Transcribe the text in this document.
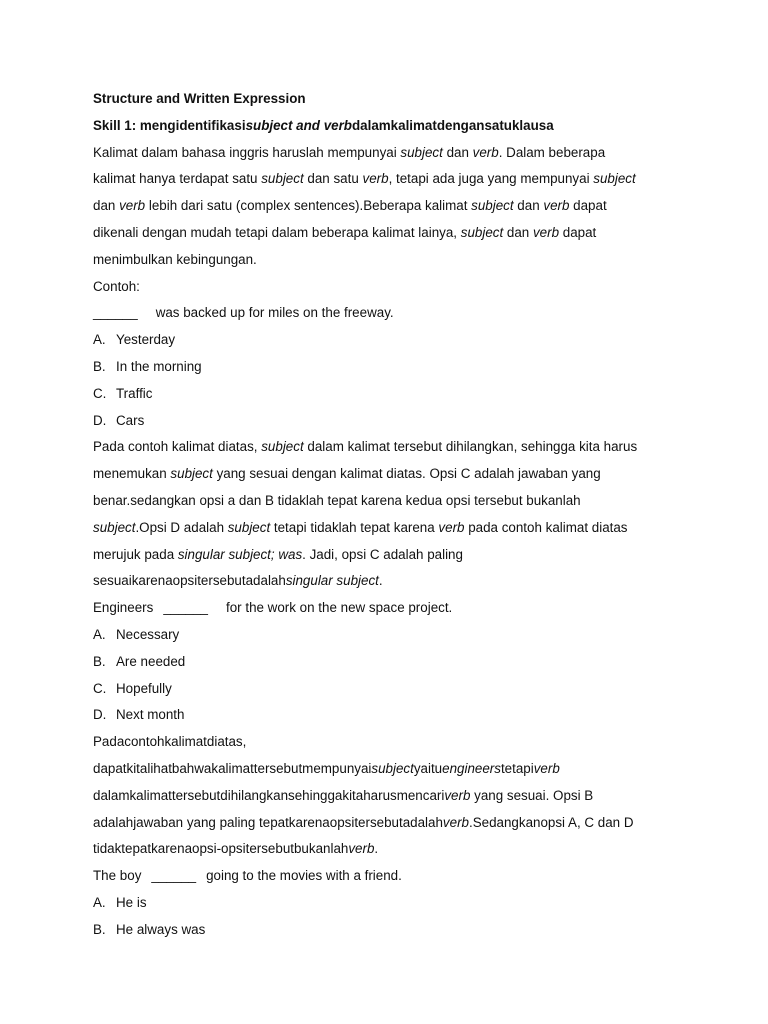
Structure and Written Expression
Skill 1: mengidentifikasisubject and verbdalamkalimatdengansatuklausa
Kalimat dalam bahasa inggris haruslah mempunyai subject dan verb. Dalam beberapa
kalimat hanya terdapat satu subject dan satu verb, tetapi ada juga yang mempunyai subject
dan verb lebih dari satu (complex sentences).Beberapa kalimat subject dan verb dapat
dikenali dengan mudah tetapi dalam beberapa kalimat lainya, subject dan verb dapat
menimbulkan kebingungan.
Contoh:
______ was backed up for miles on the freeway.
A. Yesterday
B. In the morning
C. Traffic
D. Cars
Pada contoh kalimat diatas, subject dalam kalimat tersebut dihilangkan, sehingga kita harus
menemukan subject yang sesuai dengan kalimat diatas. Opsi C adalah jawaban yang
benar.sedangkan opsi a dan B tidaklah tepat karena kedua opsi tersebut bukanlah
subject.Opsi D adalah subject tetapi tidaklah tepat karena verb pada contoh kalimat diatas
merujuk pada singular subject; was. Jadi, opsi C adalah paling
sesuaikarenaopsitersebutadalahsingular subject.
Engineers ______ for the work on the new space project.
A. Necessary
B. Are needed
C. Hopefully
D. Next month
Padacontohkalimatdiatas,
dapatkitalihatbahwakalimattersebutmempunyaisubjectyaituengineerstetapiverb
dalamkalimattersebutdihilangkansehinggakitaharusmencariverb yang sesuai. Opsi B
adalahjawaban yang paling tepatkarenaopsitersebutadalahverb.Sedangkanopsi A, C dan D
tidaktepatkarenaopsi-opsitersebutbukanlahverb.
The boy ______ going to the movies with a friend.
A. He is
B. He always was
